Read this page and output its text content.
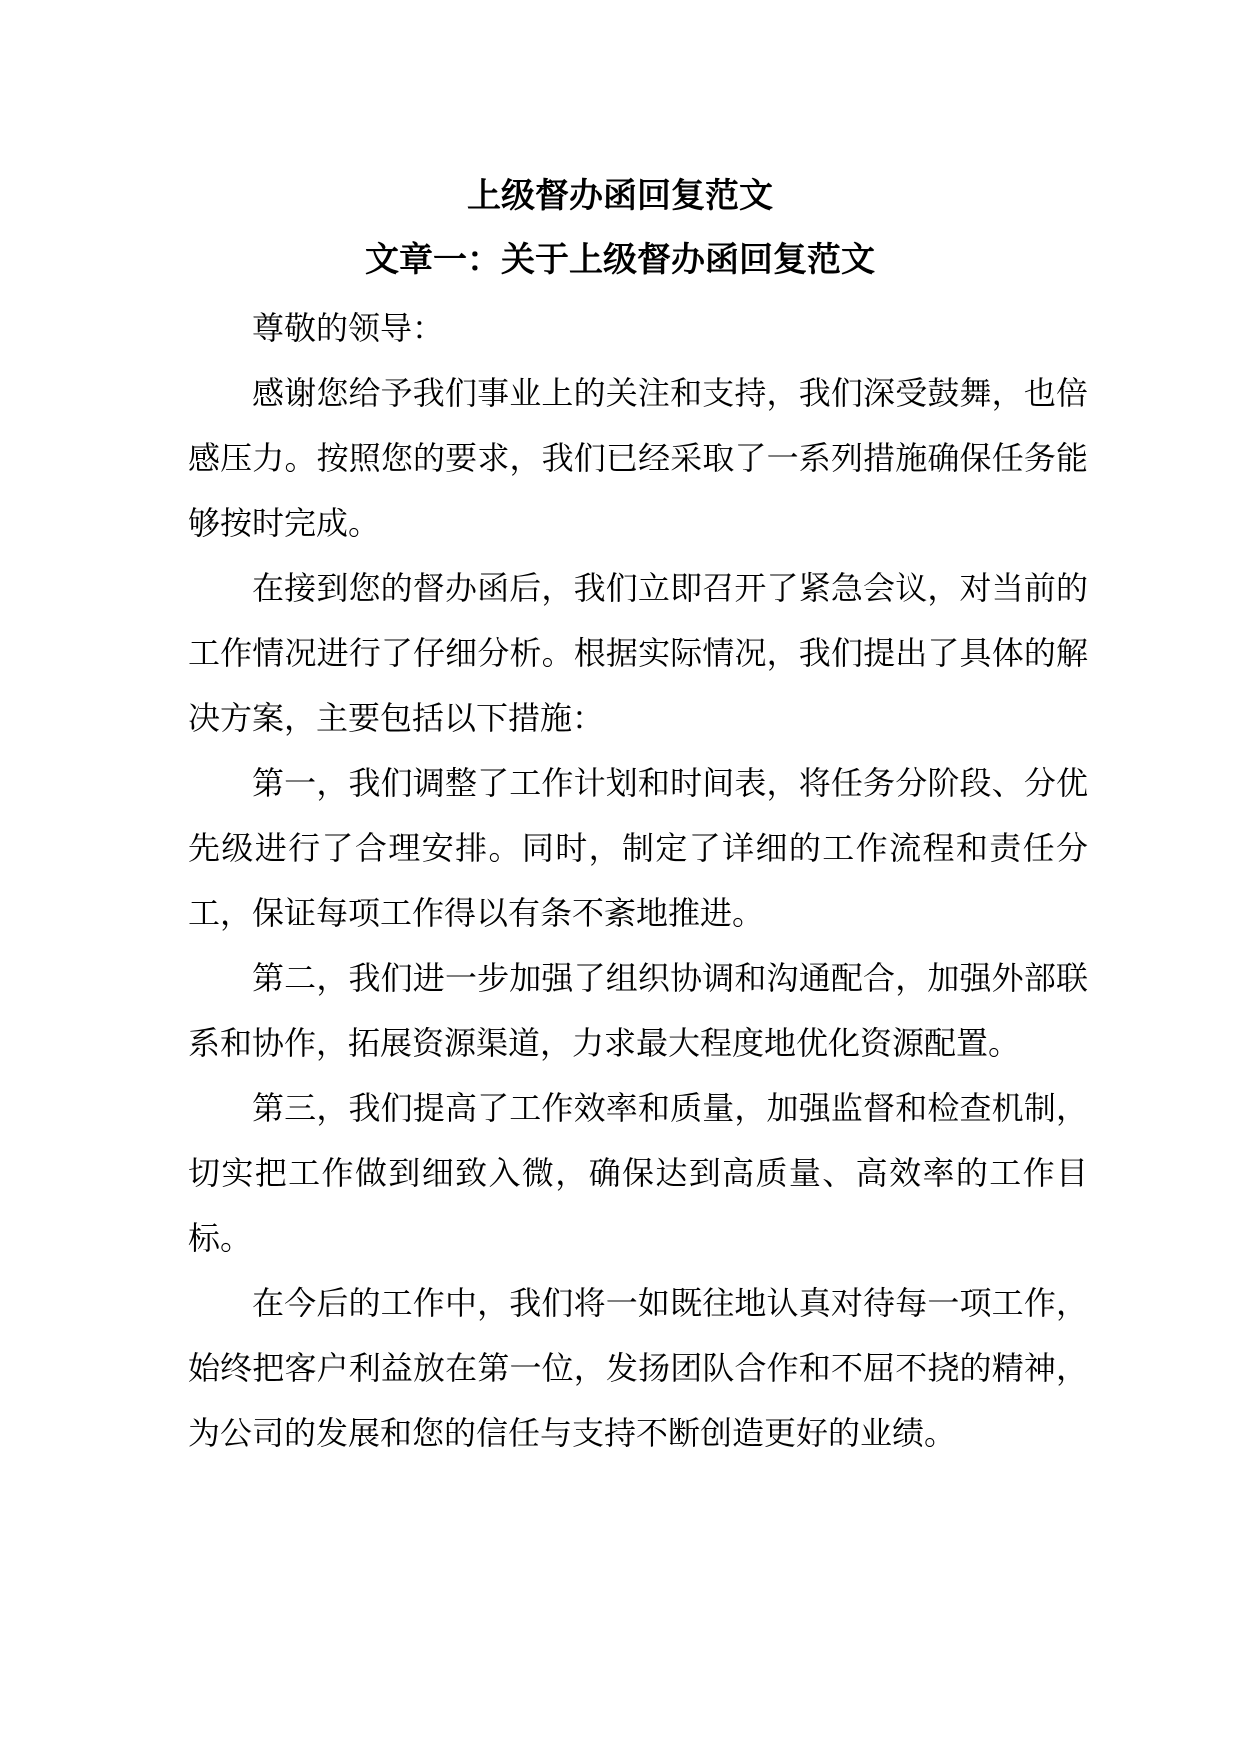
上级督办函回复范文
文章一：关于上级督办函回复范文

尊敬的领导：

感谢您给予我们事业上的关注和支持，我们深受鼓舞，也倍感压力。按照您的要求，我们已经采取了一系列措施确保任务能够按时完成。

在接到您的督办函后，我们立即召开了紧急会议，对当前的工作情况进行了仔细分析。根据实际情况，我们提出了具体的解决方案，主要包括以下措施：

第一，我们调整了工作计划和时间表，将任务分阶段、分优先级进行了合理安排。同时，制定了详细的工作流程和责任分工，保证每项工作得以有条不紊地推进。

第二，我们进一步加强了组织协调和沟通配合，加强外部联系和协作，拓展资源渠道，力求最大程度地优化资源配置。

第三，我们提高了工作效率和质量，加强监督和检查机制，切实把工作做到细致入微，确保达到高质量、高效率的工作目标。

在今后的工作中，我们将一如既往地认真对待每一项工作，始终把客户利益放在第一位，发扬团队合作和不屈不挠的精神，为公司的发展和您的信任与支持不断创造更好的业绩。
